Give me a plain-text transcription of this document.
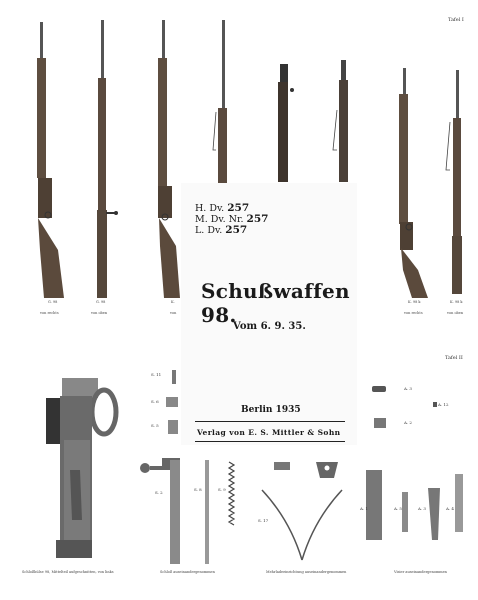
Tafel I
Tafel II
G. 98
von rechts
G. 98
von oben
K.
von
K. 98 k
von rechts
K. 98 k
von oben
S. 11
S. 6
S. 5
S. 2
S. 8	S. 9
S. 17
A. 3
A. 12
A. 2
A. 1	A. 5	A. 3	A. 4
Schloßhülse 98, Mittelteil aufgeschnitten, von links	Schloß auseinandergenommen	Mehrladeeinrichtung auseinandergenommen	Visier auseinandergenommen
H. Dv. 257
M. Dv. Nr. 257
L. Dv. 257
Schußwaffen 98.
Vom 6. 9. 35.
Berlin 1935
Verlag von E. S. Mittler & Sohn
